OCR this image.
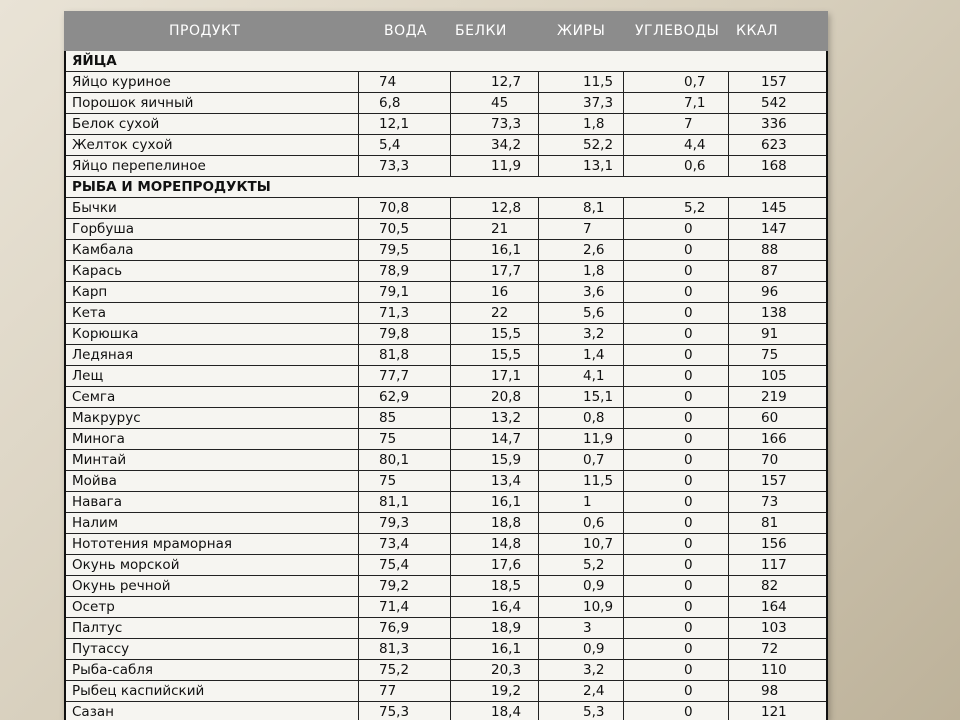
ПРОДУКТ	ВОДА	БЕЛКИ	ЖИРЫ	УГЛЕВОДЫ	ККАЛ
ЯЙЦА
Яйцо куриное	74	12,7	11,5	0,7	157
Порошок яичный	6,8	45	37,3	7,1	542
Белок сухой	12,1	73,3	1,8	7	336
Желток сухой	5,4	34,2	52,2	4,4	623
Яйцо перепелиное	73,3	11,9	13,1	0,6	168
РЫБА И МОРЕПРОДУКТЫ
Бычки	70,8	12,8	8,1	5,2	145
Горбуша	70,5	21	7	0	147
Камбала	79,5	16,1	2,6	0	88
Карась	78,9	17,7	1,8	0	87
Карп	79,1	16	3,6	0	96
Кета	71,3	22	5,6	0	138
Корюшка	79,8	15,5	3,2	0	91
Ледяная	81,8	15,5	1,4	0	75
Лещ	77,7	17,1	4,1	0	105
Семга	62,9	20,8	15,1	0	219
Макрурус	85	13,2	0,8	0	60
Минога	75	14,7	11,9	0	166
Минтай	80,1	15,9	0,7	0	70
Мойва	75	13,4	11,5	0	157
Навага	81,1	16,1	1	0	73
Налим	79,3	18,8	0,6	0	81
Нототения мраморная	73,4	14,8	10,7	0	156
Окунь морской	75,4	17,6	5,2	0	117
Окунь речной	79,2	18,5	0,9	0	82
Осетр	71,4	16,4	10,9	0	164
Палтус	76,9	18,9	3	0	103
Путассу	81,3	16,1	0,9	0	72
Рыба-сабля	75,2	20,3	3,2	0	110
Рыбец каспийский	77	19,2	2,4	0	98
Сазан	75,3	18,4	5,3	0	121
